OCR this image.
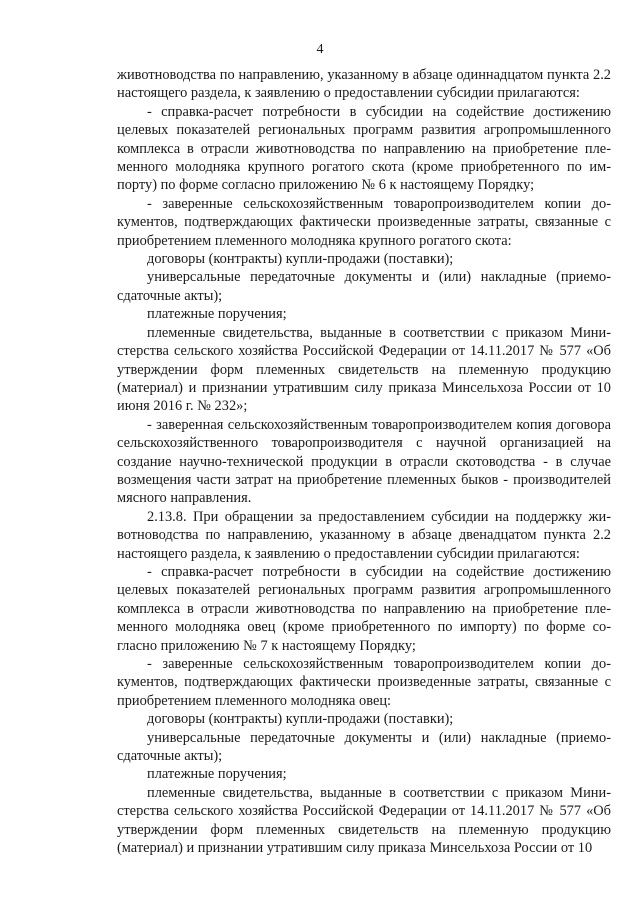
4

животноводства по направлению, указанному в абзаце одиннадцатом пункта 2.2 настоящего раздела, к заявлению о предоставлении субсидии прилагаются:

- справка-расчет потребности в субсидии на содействие достижению целевых показателей региональных программ развития агропромышленного комплекса в отрасли животноводства по направлению на приобретение племенного молодняка крупного рогатого скота (кроме приобретенного по импорту) по форме согласно приложению № 6 к настоящему Порядку;

- заверенные сельскохозяйственным товаропроизводителем копии документов, подтверждающих фактически произведенные затраты, связанные с приобретением племенного молодняка крупного рогатого скота:

договоры (контракты) купли-продажи (поставки);

универсальные передаточные документы и (или) накладные (приемосдаточные акты);

платежные поручения;

племенные свидетельства, выданные в соответствии с приказом Министерства сельского хозяйства Российской Федерации от 14.11.2017 № 577 «Об утверждении форм племенных свидетельств на племенную продукцию (материал) и признании утратившим силу приказа Минсельхоза России от 10 июня 2016 г. № 232»;

- заверенная сельскохозяйственным товаропроизводителем копия договора сельскохозяйственного товаропроизводителя с научной организацией на создание научно-технической продукции в отрасли скотоводства - в случае возмещения части затрат на приобретение племенных быков - производителей мясного направления.

2.13.8. При обращении за предоставлением субсидии на поддержку животноводства по направлению, указанному в абзаце двенадцатом пункта 2.2 настоящего раздела, к заявлению о предоставлении субсидии прилагаются:

- справка-расчет потребности в субсидии на содействие достижению целевых показателей региональных программ развития агропромышленного комплекса в отрасли животноводства по направлению на приобретение племенного молодняка овец (кроме приобретенного по импорту) по форме согласно приложению № 7 к настоящему Порядку;

- заверенные сельскохозяйственным товаропроизводителем копии документов, подтверждающих фактически произведенные затраты, связанные с приобретением племенного молодняка овец:

договоры (контракты) купли-продажи (поставки);

универсальные передаточные документы и (или) накладные (приемосдаточные акты);

платежные поручения;

племенные свидетельства, выданные в соответствии с приказом Министерства сельского хозяйства Российской Федерации от 14.11.2017 № 577 «Об утверждении форм племенных свидетельств на племенную продукцию (материал) и признании утратившим силу приказа Минсельхоза России от 10
